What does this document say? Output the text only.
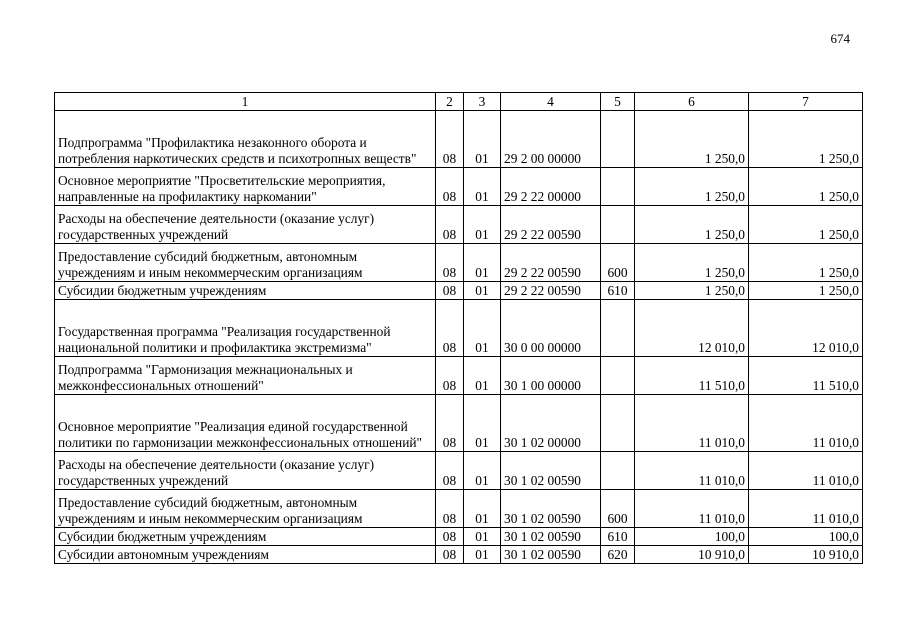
674
1	2	3	4	5	6	7
Подпрограмма "Профилактика незаконного оборота и потребления наркотических средств и психотропных веществ"	08	01	29 2 00 00000		1 250,0	1 250,0
Основное мероприятие "Просветительские мероприятия, направленные на профилактику наркомании"	08	01	29 2 22 00000		1 250,0	1 250,0
Расходы на обеспечение деятельности (оказание услуг) государственных учреждений	08	01	29 2 22 00590		1 250,0	1 250,0
Предоставление субсидий бюджетным, автономным учреждениям и иным некоммерческим организациям	08	01	29 2 22 00590	600	1 250,0	1 250,0
Субсидии бюджетным учреждениям	08	01	29 2 22 00590	610	1 250,0	1 250,0
Государственная программа "Реализация государственной национальной политики и профилактика экстремизма"	08	01	30 0 00 00000		12 010,0	12 010,0
Подпрограмма "Гармонизация межнациональных и межконфессиональных отношений"	08	01	30 1 00 00000		11 510,0	11 510,0
Основное мероприятие "Реализация единой государственной политики по гармонизации межконфессиональных отношений"	08	01	30 1 02 00000		11 010,0	11 010,0
Расходы на обеспечение деятельности (оказание услуг) государственных учреждений	08	01	30 1 02 00590		11 010,0	11 010,0
Предоставление субсидий бюджетным, автономным учреждениям и иным некоммерческим организациям	08	01	30 1 02 00590	600	11 010,0	11 010,0
Субсидии бюджетным учреждениям	08	01	30 1 02 00590	610	100,0	100,0
Субсидии автономным учреждениям	08	01	30 1 02 00590	620	10 910,0	10 910,0
